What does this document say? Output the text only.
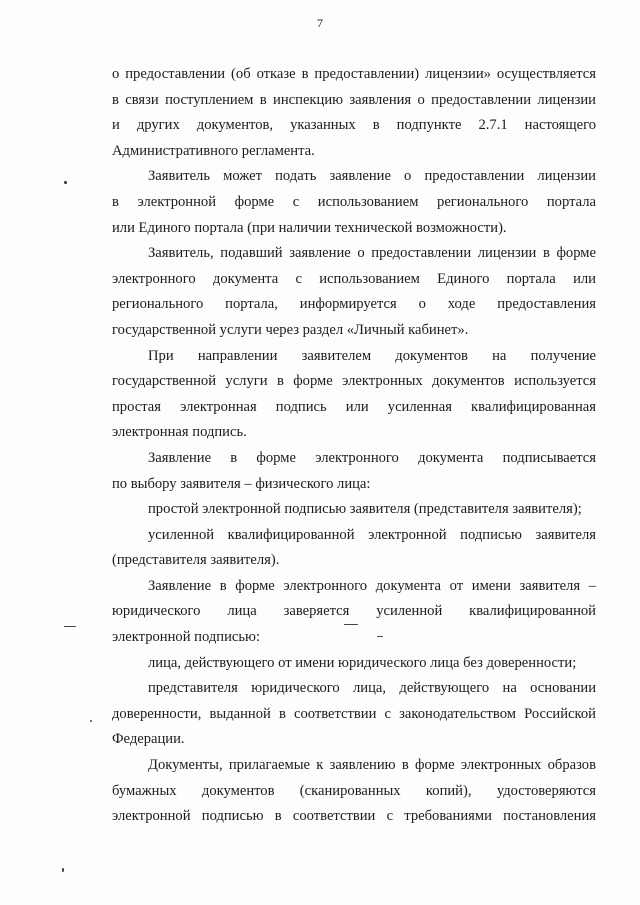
7

о предоставлении (об отказе в предоставлении) лицензии» осуществляется

в связи поступлением в инспекцию заявления о предоставлении лицензии

и других документов, указанных в подпункте 2.7.1 настоящего

Административного регламента.

Заявитель может подать заявление о предоставлении лицензии

в электронной форме с использованием регионального портала

или Единого портала (при наличии технической возможности).

Заявитель, подавший заявление о предоставлении лицензии в форме

электронного документа с использованием Единого портала или

регионального портала, информируется о ходе предоставления

государственной услуги через раздел «Личный кабинет».

При направлении заявителем документов на получение

государственной услуги в форме электронных документов используется

простая электронная подпись или усиленная квалифицированная

электронная подпись.

Заявление в форме электронного документа подписывается

по выбору заявителя – физического лица:

простой электронной подписью заявителя (представителя заявителя);

усиленной квалифицированной электронной подписью заявителя

(представителя заявителя).

Заявление в форме электронного документа от имени заявителя –

юридического лица заверяется усиленной квалифицированной

электронной подписью:

лица, действующего от имени юридического лица без доверенности;

представителя юридического лица, действующего на основании

доверенности, выданной в соответствии с законодательством Российской

Федерации.

Документы, прилагаемые к заявлению в форме электронных образов

бумажных документов (сканированных копий), удостоверяются

электронной подписью в соответствии с требованиями постановления
